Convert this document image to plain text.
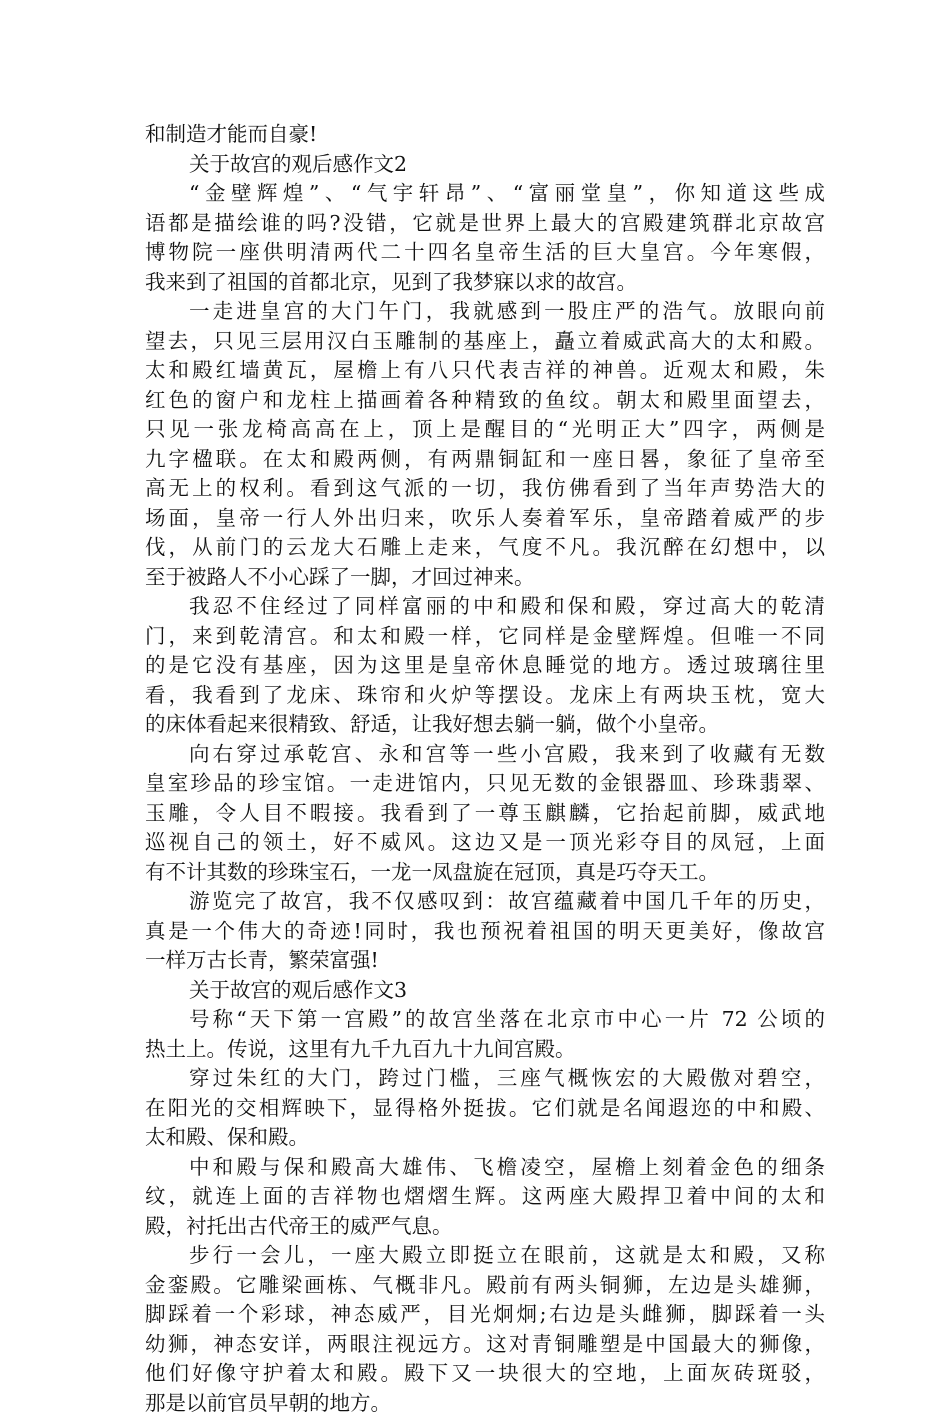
和制造才能而自豪!
关于故宫的观后感作文2
“金壁辉煌”、“气宇轩昂”、“富丽堂皇”，你知道这些成
语都是描绘谁的吗?没错，它就是世界上最大的宫殿建筑群北京故宫
博物院一座供明清两代二十四名皇帝生活的巨大皇宫。今年寒假，
我来到了祖国的首都北京，见到了我梦寐以求的故宫。
一走进皇宫的大门午门，我就感到一股庄严的浩气。放眼向前
望去，只见三层用汉白玉雕制的基座上，矗立着威武高大的太和殿。
太和殿红墙黄瓦，屋檐上有八只代表吉祥的神兽。近观太和殿，朱
红色的窗户和龙柱上描画着各种精致的鱼纹。朝太和殿里面望去，
只见一张龙椅高高在上，顶上是醒目的“光明正大”四字，两侧是
九字楹联。在太和殿两侧，有两鼎铜缸和一座日晷，象征了皇帝至
高无上的权利。看到这气派的一切，我仿佛看到了当年声势浩大的
场面，皇帝一行人外出归来，吹乐人奏着军乐，皇帝踏着威严的步
伐，从前门的云龙大石雕上走来，气度不凡。我沉醉在幻想中，以
至于被路人不小心踩了一脚，才回过神来。
我忍不住经过了同样富丽的中和殿和保和殿，穿过高大的乾清
门，来到乾清宫。和太和殿一样，它同样是金壁辉煌。但唯一不同
的是它没有基座，因为这里是皇帝休息睡觉的地方。透过玻璃往里
看，我看到了龙床、珠帘和火炉等摆设。龙床上有两块玉枕，宽大
的床体看起来很精致、舒适，让我好想去躺一躺，做个小皇帝。
向右穿过承乾宫、永和宫等一些小宫殿，我来到了收藏有无数
皇室珍品的珍宝馆。一走进馆内，只见无数的金银器皿、珍珠翡翠、
玉雕，令人目不暇接。我看到了一尊玉麒麟，它抬起前脚，威武地
巡视自己的领土，好不威风。这边又是一顶光彩夺目的凤冠，上面
有不计其数的珍珠宝石，一龙一凤盘旋在冠顶，真是巧夺天工。
游览完了故宫，我不仅感叹到：故宫蕴藏着中国几千年的历史，
真是一个伟大的奇迹!同时，我也预祝着祖国的明天更美好，像故宫
一样万古长青，繁荣富强!
关于故宫的观后感作文3
号称“天下第一宫殿”的故宫坐落在北京市中心一片 72 公顷的
热土上。传说，这里有九千九百九十九间宫殿。
穿过朱红的大门，跨过门槛，三座气概恢宏的大殿傲对碧空，
在阳光的交相辉映下，显得格外挺拔。它们就是名闻遐迩的中和殿、
太和殿、保和殿。
中和殿与保和殿高大雄伟、飞檐凌空，屋檐上刻着金色的细条
纹，就连上面的吉祥物也熠熠生辉。这两座大殿捍卫着中间的太和
殿，衬托出古代帝王的威严气息。
步行一会儿，一座大殿立即挺立在眼前，这就是太和殿，又称
金銮殿。它雕梁画栋、气概非凡。殿前有两头铜狮，左边是头雄狮，
脚踩着一个彩球，神态威严，目光炯炯;右边是头雌狮，脚踩着一头
幼狮，神态安详，两眼注视远方。这对青铜雕塑是中国最大的狮像，
他们好像守护着太和殿。殿下又一块很大的空地，上面灰砖斑驳，
那是以前官员早朝的地方。
